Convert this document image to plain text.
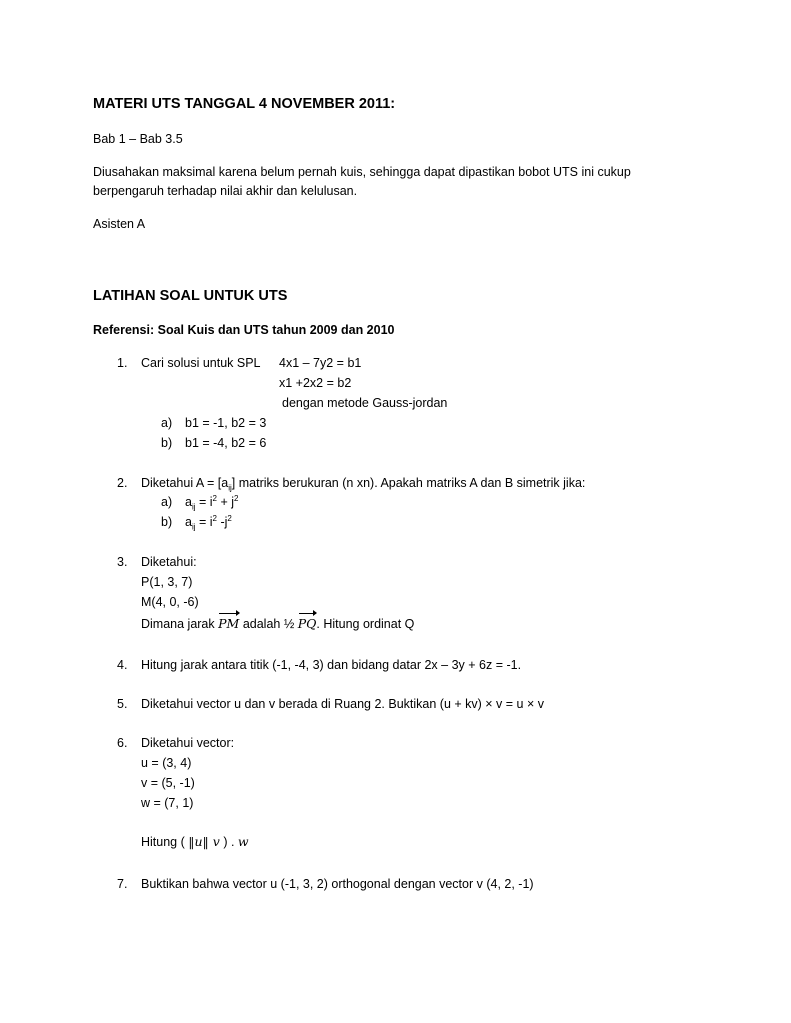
MATERI UTS TANGGAL 4 NOVEMBER 2011:
Bab 1 – Bab 3.5
Diusahakan maksimal karena belum pernah kuis, sehingga dapat dipastikan bobot UTS ini cukup
berpengaruh terhadap nilai akhir dan kelulusan.
Asisten A
LATIHAN SOAL UNTUK UTS
Referensi: Soal Kuis dan UTS tahun 2009 dan 2010
1. Cari solusi untuk SPL 4x1 – 7y2 = b1
x1 +2x2 = b2
dengan metode Gauss-jordan
a) b1 = -1, b2 = 3
b) b1 = -4, b2 = 6
2. Diketahui $A = [a_{ij}]$ matriks berukuran (n xn). Apakah matriks A dan B simetrik jika:
a) $a_{ij} = i^2 + j^2$
b) $a_{ij} = i^2$ $-j^2$
3. Diketahui:
P(1, 3, 7)
M(4, 0, -6)
Dimana jarak PM adalah ½ PQ. Hitung ordinat Q
4. Hitung jarak antara titik (-1, -4, 3) dan bidang datar 2x – 3y + 6z = -1.
5. Diketahui vector u dan v berada di Ruang 2. Buktikan (u + kv) × v = u × v
6. Diketahui vector:
u = (3, 4)
v = (5, -1)
w = (7, 1)
Hitung ( ‖u‖ v ) . w
7. Buktikan bahwa vector u (-1, 3, 2) orthogonal dengan vector v (4, 2, -1)
